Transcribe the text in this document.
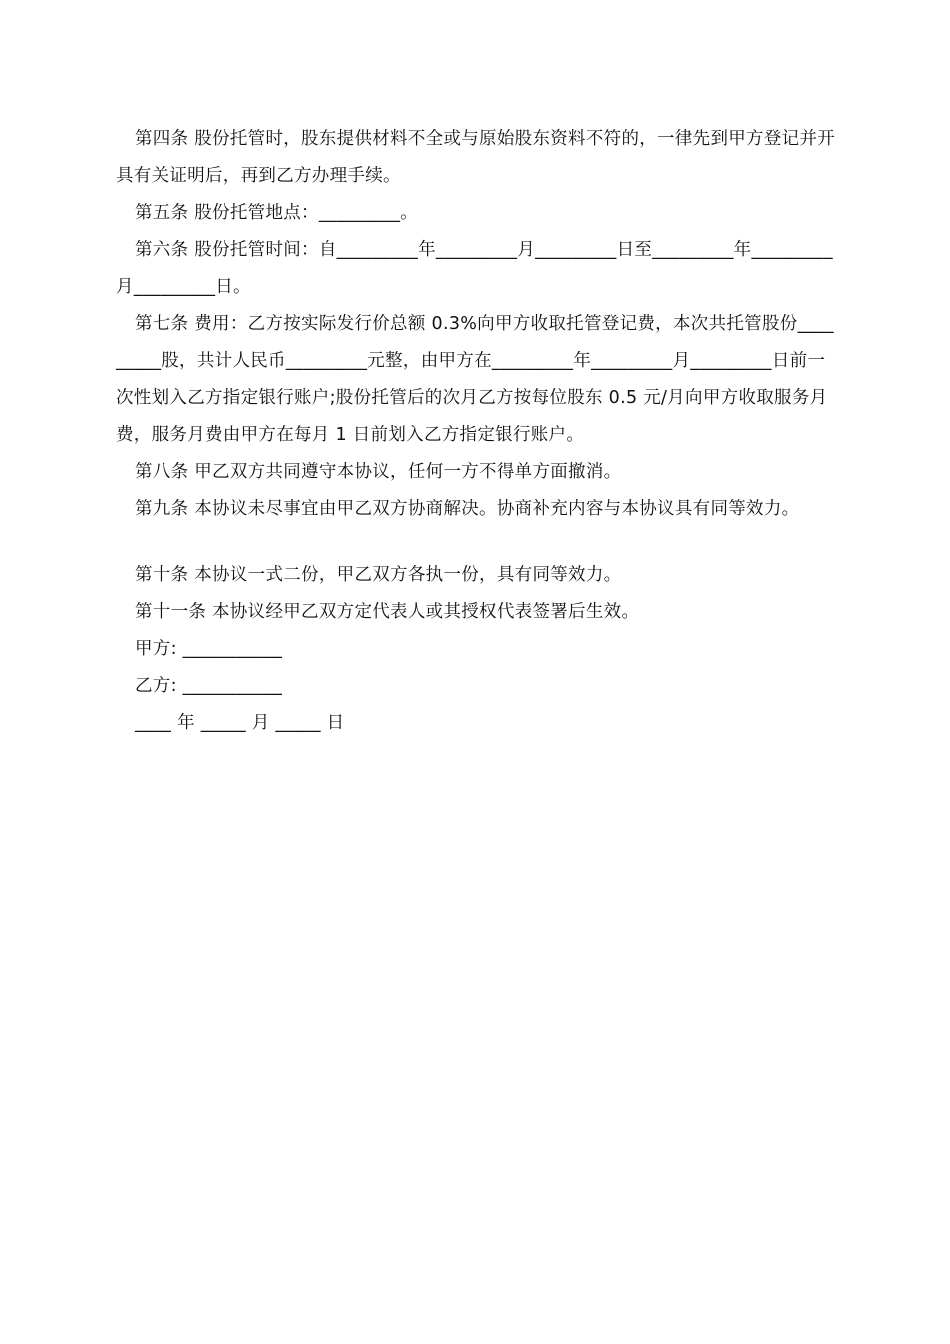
第四条 股份托管时，股东提供材料不全或与原始股东资料不符的，一律先到甲方登记并开具有关证明后，再到乙方办理手续。

第五条 股份托管地点：_________。

第六条 股份托管时间：自_________年_________月_________日至_________年_________月_________日。

第七条 费用：乙方按实际发行价总额 0.3%向甲方收取托管登记费，本次共托管股份_________股，共计人民币_________元整，由甲方在_________年_________月_________日前一次性划入乙方指定银行账户;股份托管后的次月乙方按每位股东 0.5 元/月向甲方收取服务月费，服务月费由甲方在每月 1 日前划入乙方指定银行账户。

第八条 甲乙双方共同遵守本协议，任何一方不得单方面撤消。

第九条 本协议未尽事宜由甲乙双方协商解决。协商补充内容与本协议具有同等效力。

第十条 本协议一式二份，甲乙双方各执一份，具有同等效力。

第十一条 本协议经甲乙双方定代表人或其授权代表签署后生效。

甲方: ___________

乙方: ___________

____ 年 _____ 月 _____ 日
